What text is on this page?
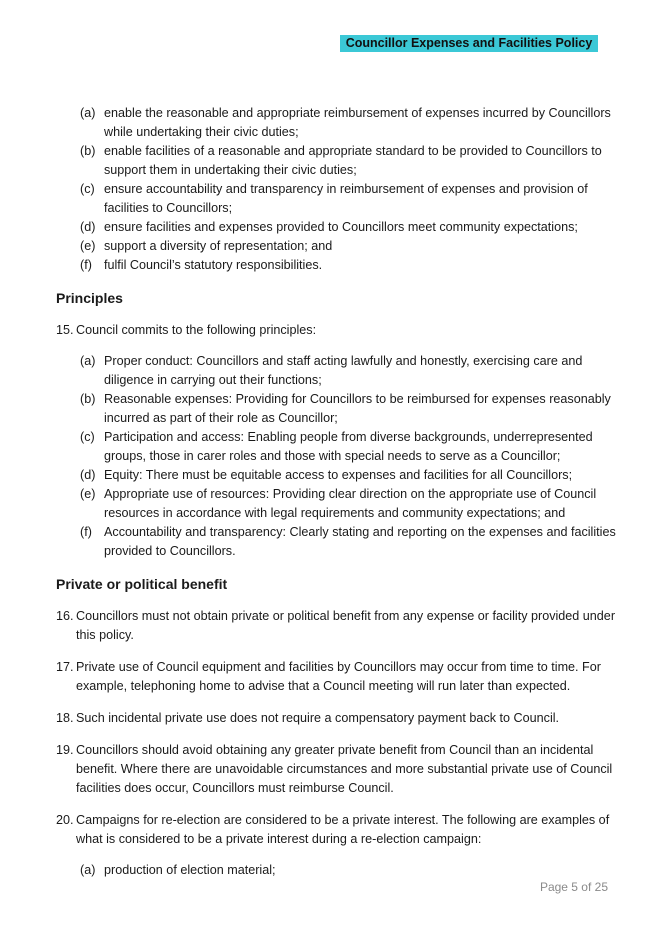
Councillor Expenses and Facilities Policy
(a) enable the reasonable and appropriate reimbursement of expenses incurred by Councillors while undertaking their civic duties;
(b) enable facilities of a reasonable and appropriate standard to be provided to Councillors to support them in undertaking their civic duties;
(c) ensure accountability and transparency in reimbursement of expenses and provision of facilities to Councillors;
(d) ensure facilities and expenses provided to Councillors meet community expectations;
(e) support a diversity of representation; and
(f) fulfil Council’s statutory responsibilities.
Principles
15. Council commits to the following principles:
(a) Proper conduct: Councillors and staff acting lawfully and honestly, exercising care and diligence in carrying out their functions;
(b) Reasonable expenses: Providing for Councillors to be reimbursed for expenses reasonably incurred as part of their role as Councillor;
(c) Participation and access: Enabling people from diverse backgrounds, underrepresented groups, those in carer roles and those with special needs to serve as a Councillor;
(d) Equity: There must be equitable access to expenses and facilities for all Councillors;
(e) Appropriate use of resources: Providing clear direction on the appropriate use of Council resources in accordance with legal requirements and community expectations; and
(f) Accountability and transparency: Clearly stating and reporting on the expenses and facilities provided to Councillors.
Private or political benefit
16. Councillors must not obtain private or political benefit from any expense or facility provided under this policy.
17. Private use of Council equipment and facilities by Councillors may occur from time to time. For example, telephoning home to advise that a Council meeting will run later than expected.
18. Such incidental private use does not require a compensatory payment back to Council.
19. Councillors should avoid obtaining any greater private benefit from Council than an incidental benefit. Where there are unavoidable circumstances and more substantial private use of Council facilities does occur, Councillors must reimburse Council.
20. Campaigns for re-election are considered to be a private interest. The following are examples of what is considered to be a private interest during a re-election campaign:
(a) production of election material;
Page 5 of 25
